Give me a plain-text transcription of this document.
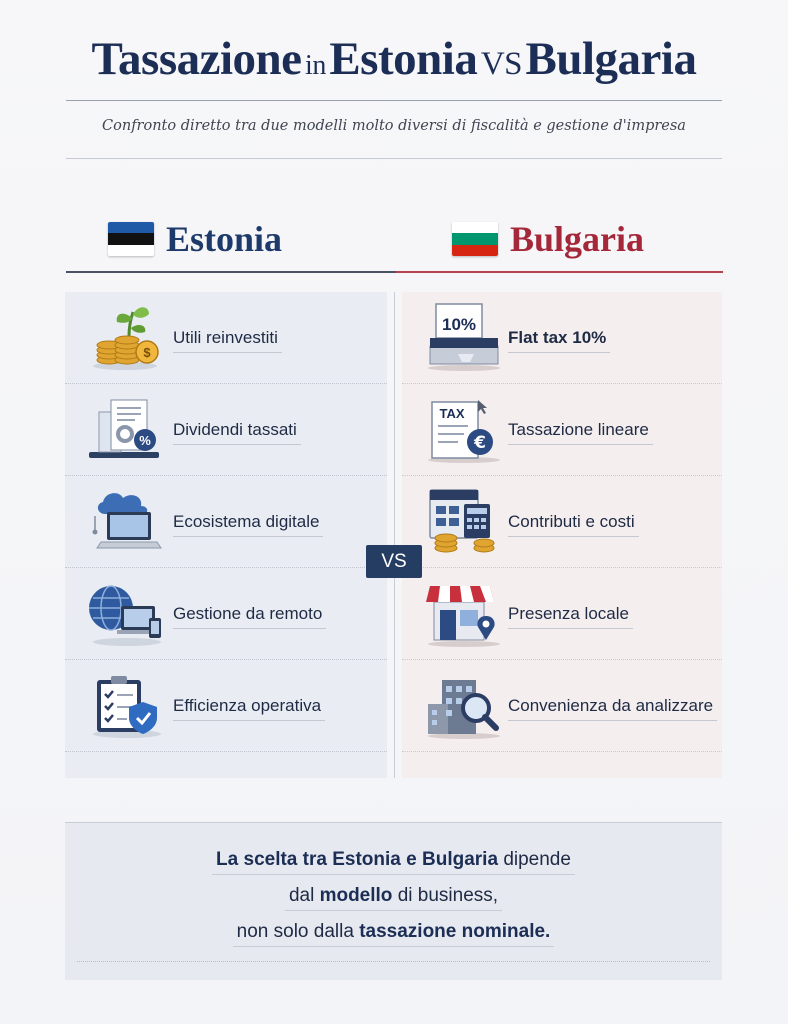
Tassazione in Estonia VS Bulgaria
Confronto diretto tra due modelli molto diversi di fiscalità e gestione d'impresa
Estonia	Bulgaria
$
Utili reinvestiti
%
Dividendi tassati
Ecosistema digitale
Gestione da remoto
Efficienza operativa
10%
Flat tax 10%
TAX
€
Tassazione lineare
Contributi e costi
Presenza locale
Convenienza da analizzare
VS
La scelta tra Estonia e Bulgaria dipende
dal modello di business,
non solo dalla tassazione nominale.
